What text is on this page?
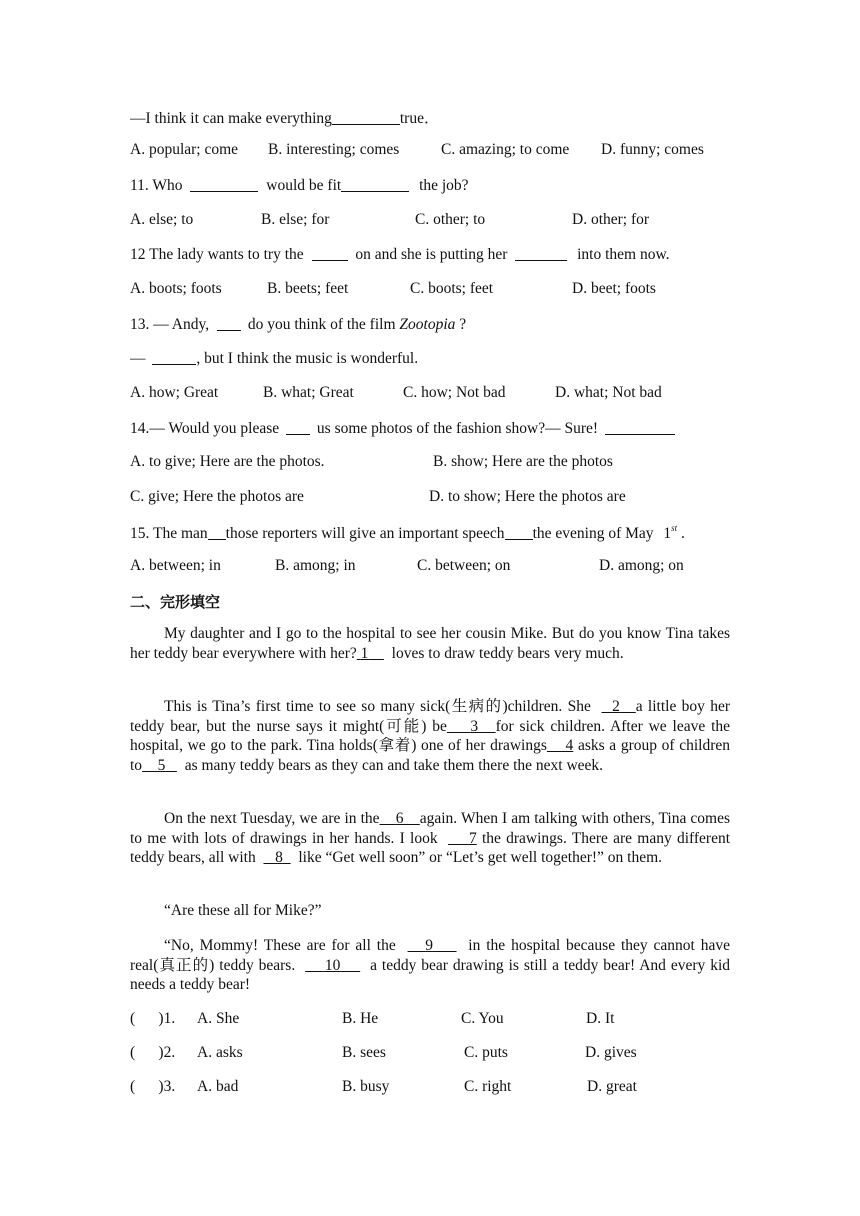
—I think it can make everything	true．
A. popular; come B. interesting; comes	C. amazing; to come D. funny; comes
11. Who	would be fit	the job?
A. else; to	B. else; for	C. other; to	D. other; for
12 The lady wants to try the	on and she is putting her	into them now.
A. boots; foots	B. beets; feet	C. boots; feet	D. beet; foots
13. — Andy,	do you think of the film Zootopia ?
—	, but I think the music is wonderful.
A. how; Great	B. what; Great	C. how; Not bad	D. what; Not bad
14.— Would you please us some photos of the fashion show?— Sure!
A. to give; Here are the photos.	B. show; Here are the photos
C. give; Here the photos are	D. to show; Here the photos are
15. The man those reporters will give an important speech the evening of May 1st .
A. between; in	B. among; in	C. between; on	D. among; on
二、完形填空
My daughter and I go to the hospital to see her cousin Mike. But do you know Tina takes her teddy bear everywhere with her? 1 loves to draw teddy bears very much.
This is Tina’s first time to see so many sick(生病的)children. She 2 a little boy her teddy bear, but the nurse says it might(可能) be 3 for sick children. After we leave the hospital, we go to the park. Tina holds(拿着) one of her drawings 4 asks a group of children to 5 as many teddy bears as they can and take them there the next week.
On the next Tuesday, we are in the 6 again. When I am talking with others, Tina comes to me with lots of drawings in her hands. I look 7 the drawings. There are many different teddy bears, all with 8 like “Get well soon” or “Let’s get well together!” on them.
“Are these all for Mike?”
“No, Mommy! These are for all the 9 in the hospital because they cannot have real(真正的) teddy bears. 10 a teddy bear drawing is still a teddy bear! And every kid needs a teddy bear!
(      )1. A. She	B. He	C. You	D. It
(      )2. A. asks	B. sees	C. puts	D. gives
(      )3. A. bad	B. busy	C. right	D. great
